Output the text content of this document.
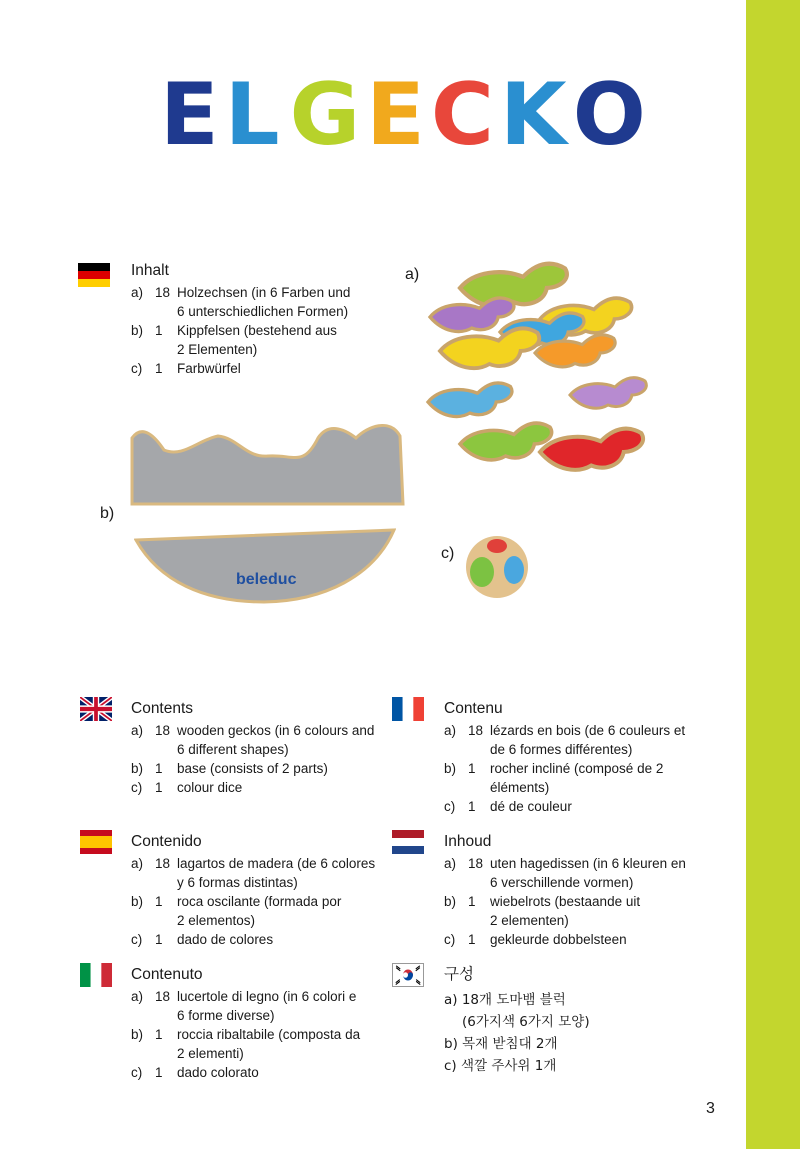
E L G E C K O
Inhalt
a) 18 Holzechsen (in 6 Farben und
6 unterschiedlichen Formen)
b) 1	Kippfelsen (bestehend aus
2 Elementen)
c) 1	Farbwürfel
a)
b)
c)
beleduc
Contents
a) 18 wooden geckos (in 6 colours and
6 different shapes)
b) 1	base (consists of 2 parts)
c) 1	colour dice
Contenu
a) 18 lézards en bois (de 6 couleurs et
de 6 formes différentes)
b) 1	rocher incliné (composé de 2
éléments)
c) 1	dé de couleur
Contenido
a) 18 lagartos de madera (de 6 colores
y 6 formas distintas)
b) 1	roca oscilante (formada por
2 elementos)
c) 1	dado de colores
Inhoud
a) 18 uten hagedissen (in 6 kleuren en
6 verschillende vormen)
b) 1	wiebelrots (bestaande uit
2 elementen)
c) 1	gekleurde dobbelsteen
Contenuto
a) 18 lucertole di legno (in 6 colori e
6 forme diverse)
b) 1	roccia ribaltabile (composta da
2 elementi)
c) 1	dado colorato
구성
a) 18개 도마뱀 블럭
(6가지색 6가지 모양)
b) 목재 받침대 2개
c) 색깔 주사위 1개
3
